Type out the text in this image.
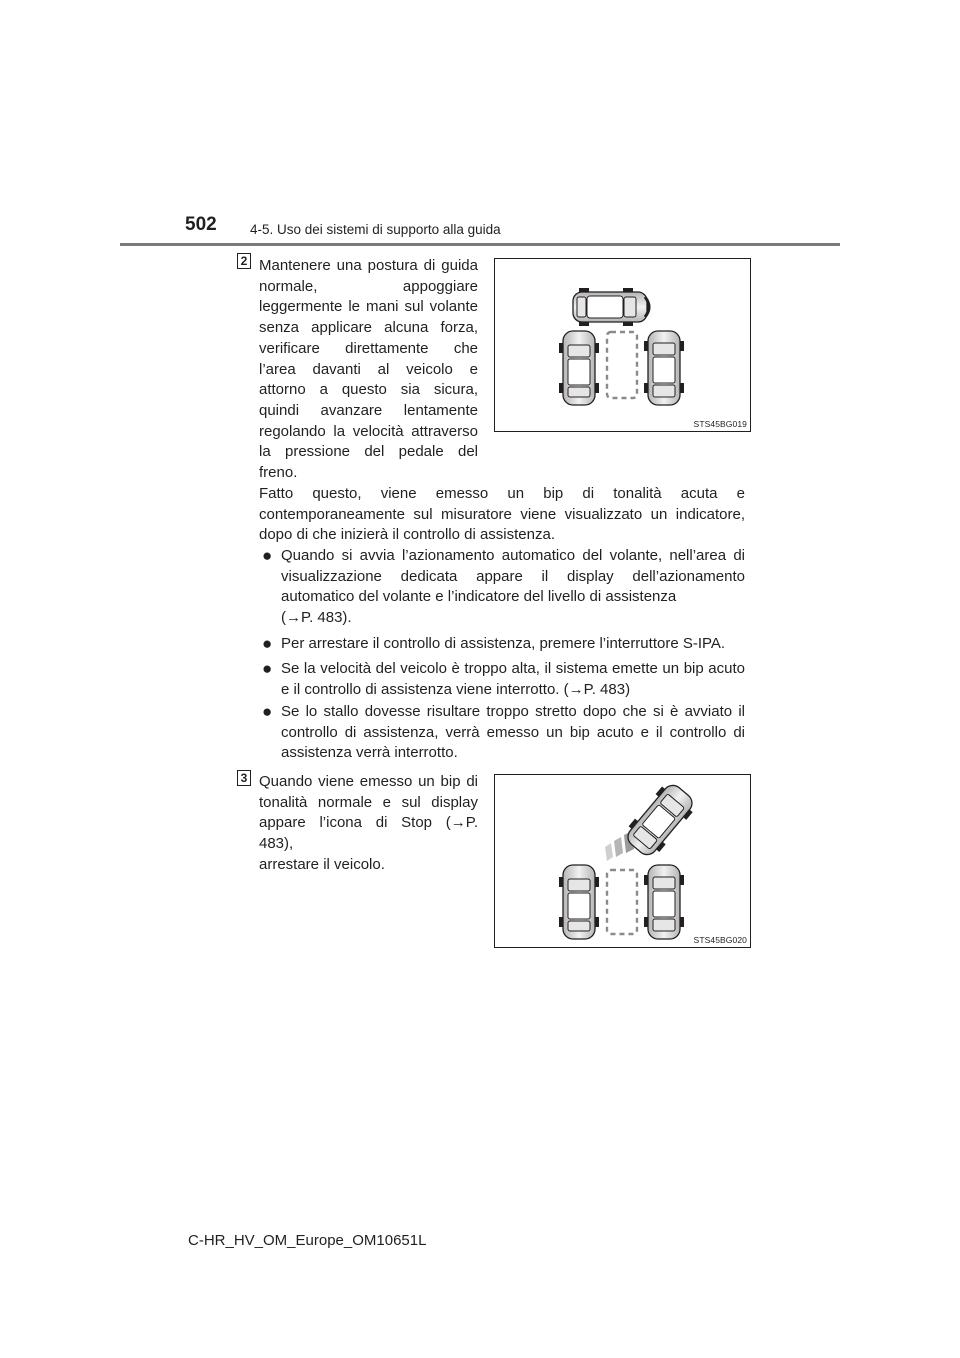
502 4-5. Uso dei sistemi di supporto alla guida
2 Mantenere una postura di guida
normale, appoggiare
leggermente le mani sul volante
senza applicare alcuna forza,
verificare direttamente che
l’area davanti al veicolo e
attorno a questo sia sicura,
quindi avanzare lentamente
regolando la velocità attraverso
la pressione del pedale del
freno.
STS45BG019
Fatto questo, viene emesso un bip di tonalità acuta e contemporaneamente sul misuratore viene visualizzato un indicatore, dopo di che inizierà il controllo di assistenza.
● Quando si avvia l’azionamento automatico del volante, nell’area di
visualizzazione dedicata appare il display dell’azionamento
automatico del volante e l’indicatore del livello di assistenza
(→P. 483).
● Per arrestare il controllo di assistenza, premere l’interruttore S-IPA.
● Se la velocità del veicolo è troppo alta, il sistema emette un bip acuto
e il controllo di assistenza viene interrotto. (→P. 483)
● Se lo stallo dovesse risultare troppo stretto dopo che si è avviato il
controllo di assistenza, verrà emesso un bip acuto e il controllo di
assistenza verrà interrotto.
3 Quando viene emesso un bip di
tonalità normale e sul display
appare l’icona di Stop (→P. 483),
arrestare il veicolo.
STS45BG020
C-HR_HV_OM_Europe_OM10651L
